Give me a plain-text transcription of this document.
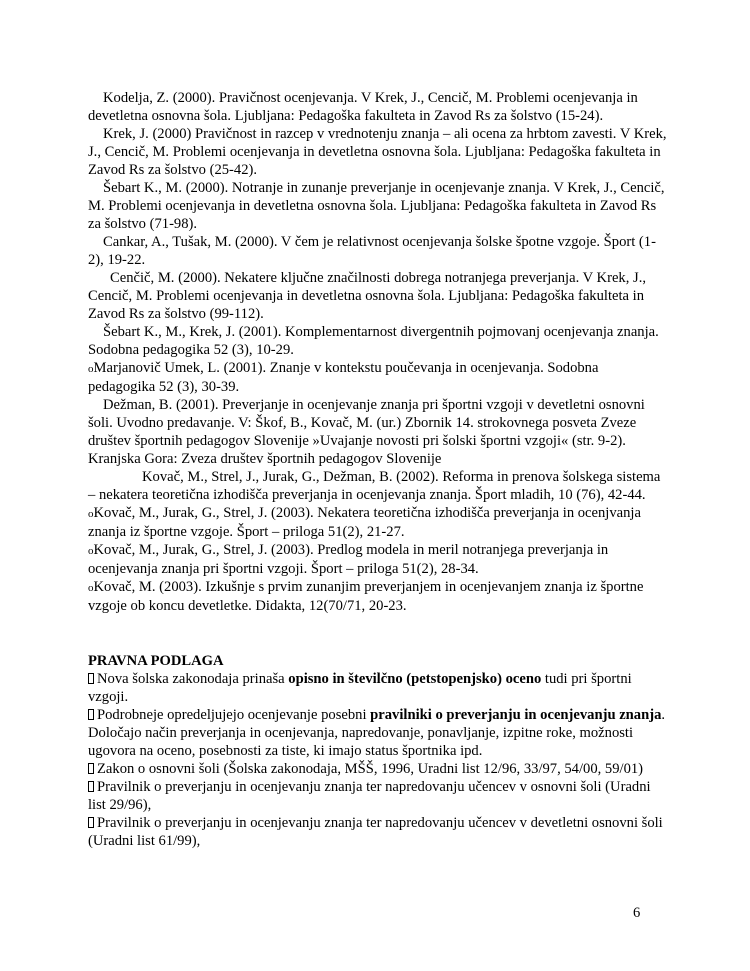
Kodelja, Z. (2000). Pravičnost ocenjevanja. V Krek, J., Cencič, M. Problemi ocenjevanja in devetletna osnovna šola. Ljubljana: Pedagoška fakulteta in Zavod Rs za šolstvo (15-24).

Krek, J. (2000) Pravičnost in razcep v vrednotenju znanja – ali ocena za hrbtom zavesti. V Krek, J., Cencič, M. Problemi ocenjevanja in devetletna osnovna šola. Ljubljana: Pedagoška fakulteta in Zavod Rs za šolstvo (25-42).

Šebart K., M. (2000). Notranje in zunanje preverjanje in ocenjevanje znanja. V Krek, J., Cencič, M. Problemi ocenjevanja in devetletna osnovna šola. Ljubljana: Pedagoška fakulteta in Zavod Rs za šolstvo (71-98).

Cankar, A., Tušak, M. (2000). V čem je relativnost ocenjevanja šolske špotne vzgoje. Šport (1-2), 19-22.

Cenčič, M. (2000). Nekatere ključne značilnosti dobrega notranjega preverjanja. V Krek, J., Cencič, M. Problemi ocenjevanja in devetletna osnovna šola. Ljubljana: Pedagoška fakulteta in Zavod Rs za šolstvo (99-112).

Šebart K., M., Krek, J. (2001). Komplementarnost divergentnih pojmovanj ocenjevanja znanja. Sodobna pedagogika 52 (3), 10-29.

oMarjanovič Umek, L. (2001). Znanje v kontekstu poučevanja in ocenjevanja. Sodobna pedagogika 52 (3), 30-39.

Dežman, B. (2001). Preverjanje in ocenjevanje znanja pri športni vzgoji v devetletni osnovni šoli. Uvodno predavanje. V: Škof, B., Kovač, M. (ur.) Zbornik 14. strokovnega posveta Zveze društev športnih pedagogov Slovenije »Uvajanje novosti pri šolski športni vzgoji« (str. 9-2). Kranjska Gora: Zveza društev športnih pedagogov Slovenije

Kovač, M., Strel, J., Jurak, G., Dežman, B. (2002). Reforma in prenova šolskega sistema – nekatera teoretična izhodišča preverjanja in ocenjevanja znanja. Šport mladih, 10 (76), 42-44.

oKovač, M., Jurak, G., Strel, J. (2003). Nekatera teoretična izhodišča preverjanja in ocenjvanja znanja iz športne vzgoje. Šport – priloga 51(2), 21-27.

oKovač, M., Jurak, G., Strel, J. (2003). Predlog modela in meril notranjega preverjanja in ocenjevanja znanja pri športni vzgoji. Šport – priloga 51(2), 28-34.

oKovač, M. (2003). Izkušnje s prvim zunanjim preverjanjem in ocenjevanjem znanja iz športne vzgoje ob koncu devetletke. Didakta, 12(70/71, 20-23.

PRAVNA PODLAGA

Nova šolska zakonodaja prinaša opisno in številčno (petstopenjsko) oceno tudi pri športni vzgoji.

Podrobneje opredeljujejo ocenjevanje posebni pravilniki o preverjanju in ocenjevanju znanja. Določajo način preverjanja in ocenjevanja, napredovanje, ponavljanje, izpitne roke, možnosti ugovora na oceno, posebnosti za tiste, ki imajo status športnika ipd.

Zakon o osnovni šoli (Šolska zakonodaja, MŠŠ, 1996, Uradni list 12/96, 33/97, 54/00, 59/01)

Pravilnik o preverjanju in ocenjevanju znanja ter napredovanju učencev v osnovni šoli (Uradni list 29/96),

Pravilnik o preverjanju in ocenjevanju znanja ter napredovanju učencev v devetletni osnovni šoli (Uradni list 61/99),

6
